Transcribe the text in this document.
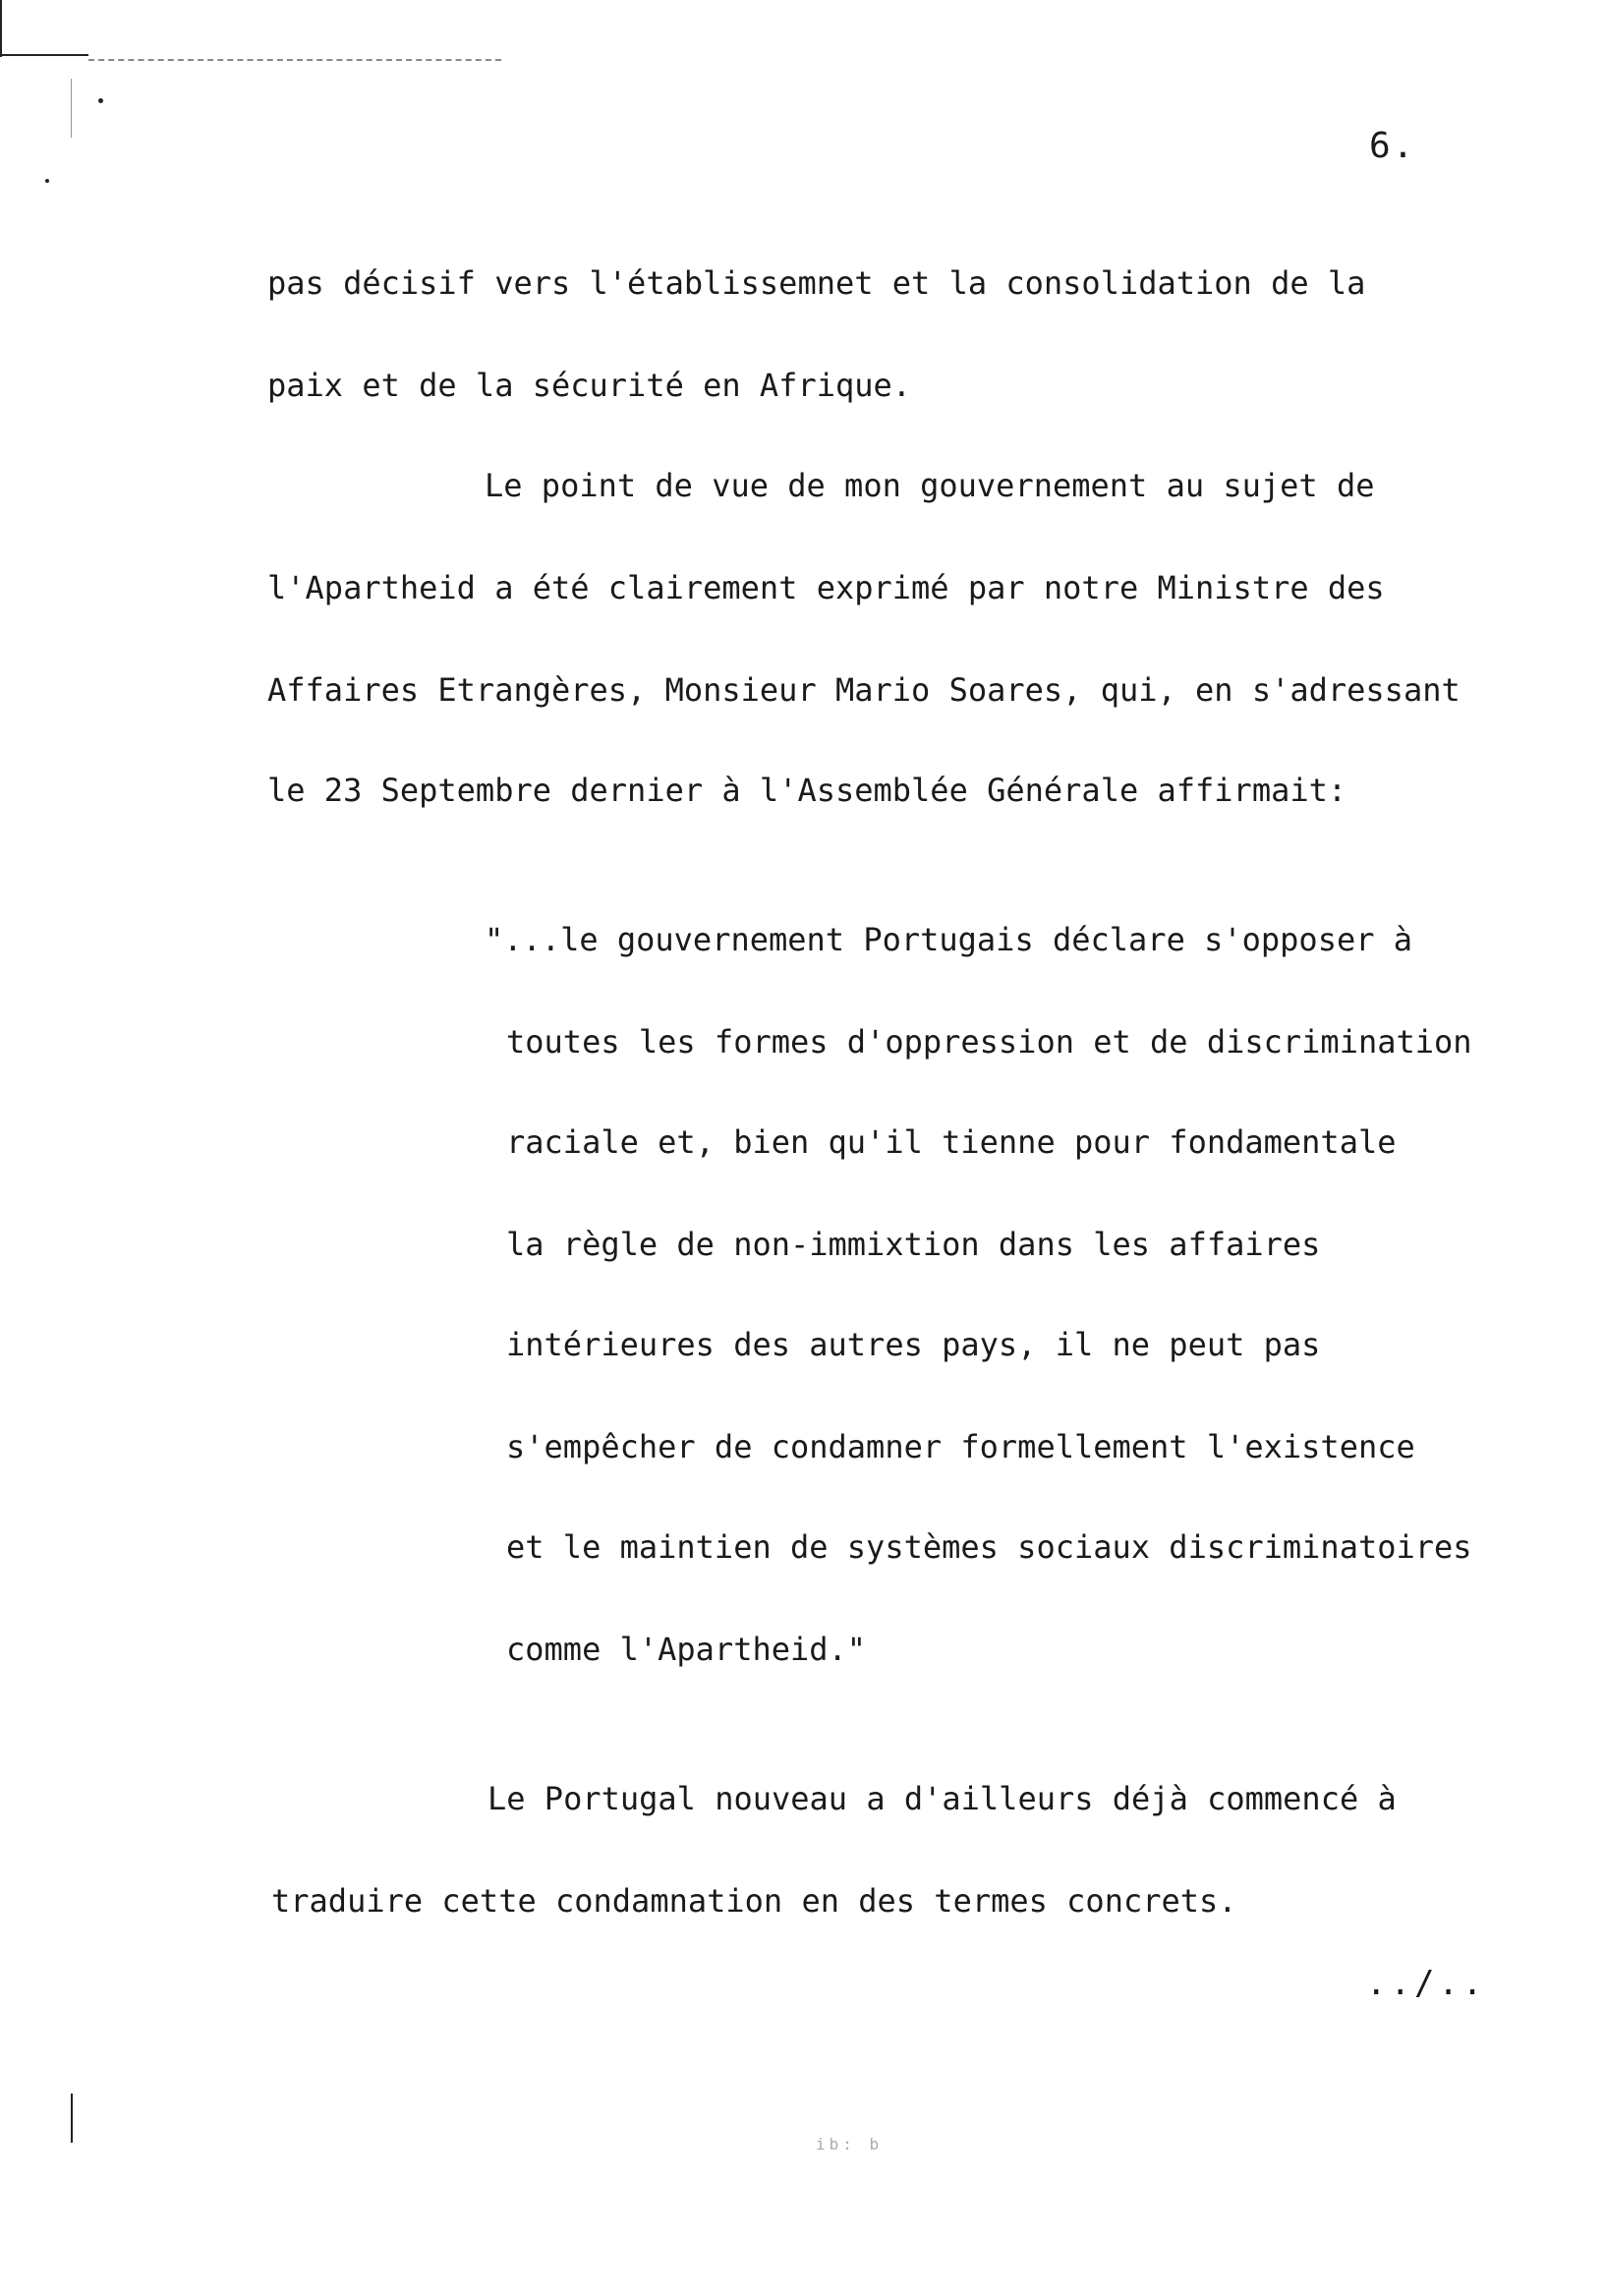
6.
pas décisif vers l'établissemnet et la consolidation de la
paix et de la sécurité en Afrique.
Le point de vue de mon gouvernement au sujet de
l'Apartheid a été clairement exprimé par notre Ministre des
Affaires Etrangères, Monsieur Mario Soares, qui, en s'adressant
le 23 Septembre dernier à l'Assemblée Générale affirmait:
"...le gouvernement Portugais déclare s'opposer à
toutes les formes d'oppression et de discrimination
raciale et, bien qu'il tienne pour fondamentale
la règle de non-immixtion dans les affaires
intérieures des autres pays, il ne peut pas
s'empêcher de condamner formellement l'existence
et le maintien de systèmes sociaux discriminatoires
comme l'Apartheid."
Le Portugal nouveau a d'ailleurs déjà commencé à
traduire cette condamnation en des termes concrets.
../..
ib: b
